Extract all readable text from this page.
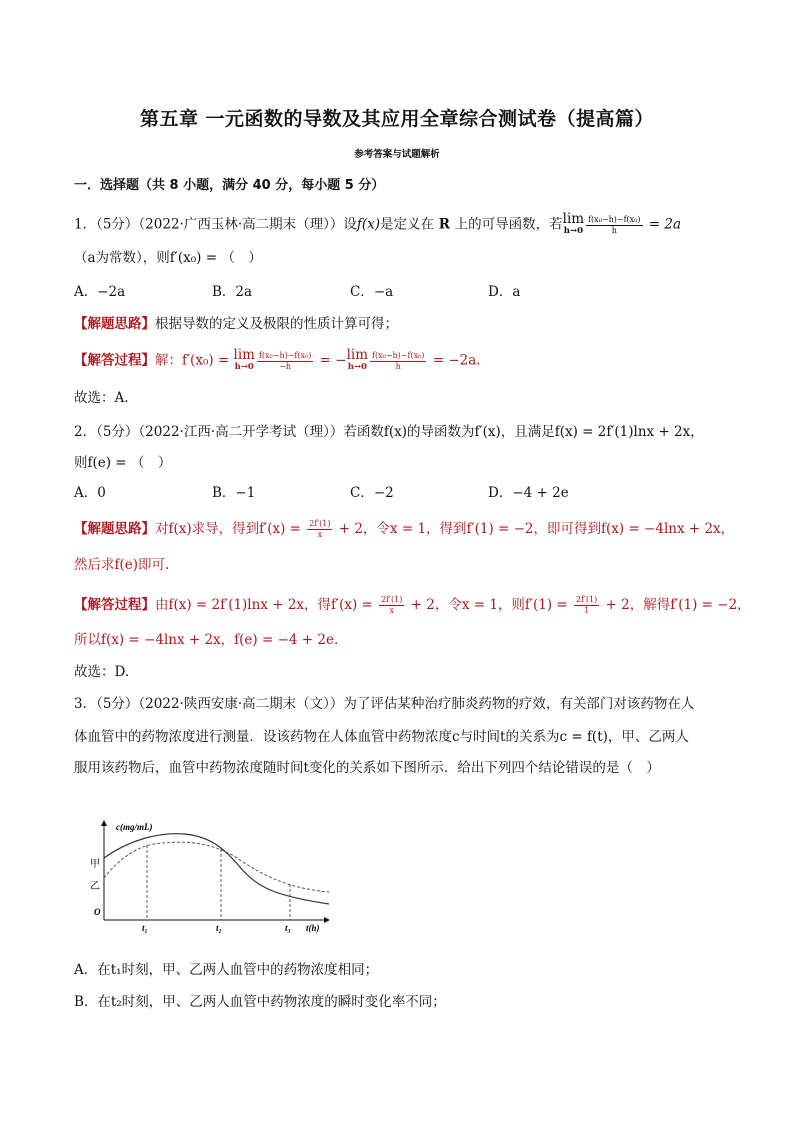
第五章 一元函数的导数及其应用全章综合测试卷（提高篇）
参考答案与试题解析
一．选择题（共 8 小题，满分 40 分，每小题 5 分）
1．（5分）（2022·广西玉林·高二期末（理））设f(x)是定义在 R 上的可导函数，若 lim
$h\to 0 \frac{\text{f(x₀−h)−f(x₀)}}{h} = 2a$
（a为常数），则f′(x₀) = （　）
A．−2a	B．2a	C．−a	D．a
【解题思路】根据导数的定义及极限的性质计算可得；
【解答过程】解：f′(x₀) = lim
$h\to 0 \frac{\text{f(x₀−h)−f(x₀)}}{-h}$ = − lim
$h\to 0 \frac{\text{f(x₀−h)−f(x₀)}}{h} = -2a$.
故选：A.
2．（5分）（2022·江西·高二开学考试（理））若函数f(x)的导函数为f′(x)，且满足f(x) = 2f′(1)lnx + 2x，
则f(e) = （　）
A．0	B．−1	C．−2	D．−4 + 2e
【解题思路】对f(x)求导，得到$f'(x) = \frac{2f'(1)}{x} + 2$，令x = 1，得到f′(1) = −2，即可得到f(x) = −4lnx + 2x，
然后求f(e)即可.
【解答过程】由f(x) = 2f′(1)lnx + 2x，得$f'(x) = \frac{2f'(1)}{x} + 2$，令x = 1，则$f'(1) = \frac{2f'(1)}{1} + 2$，解得f′(1) = −2，
所以f(x) = −4lnx + 2x，f(e) = −4 + 2e.
故选：D.
3．（5分）（2022·陕西安康·高二期末（文））为了评估某种治疗肺炎药物的疗效，有关部门对该药物在人
体血管中的药物浓度进行测量．设该药物在人体血管中药物浓度c与时间t的关系为c = f(t)，甲、乙两人
服用该药物后，血管中药物浓度随时间t变化的关系如下图所示．给出下列四个结论错误的是（　）
c(mg/mL)
甲
乙
O
t₁	t₂	t₃ t(h)
A．在t₁时刻，甲、乙两人血管中的药物浓度相同；
B．在t₂时刻，甲、乙两人血管中药物浓度的瞬时变化率不同；
